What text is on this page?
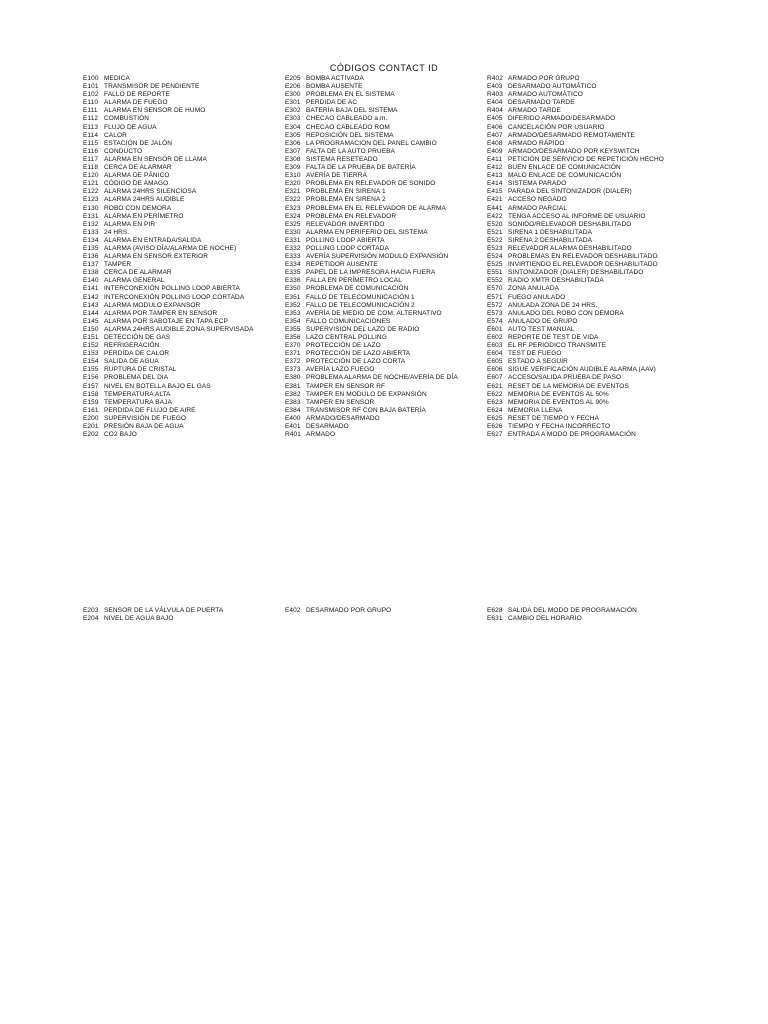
CÓDIGOS CONTACT ID
E100 MEDICA
E101 TRANSMISOR DE PENDIENTE
E102 FALLO DE REPORTE
E110 ALARMA DE FUEGO
E111 ALARMA EN SENSOR DE HUMO
E112 COMBUSTIÓN
E113 FLUJO DE AGUA
E114 CALOR
E115 ESTACIÓN DE JALÓN
E116 CONDUCTO
E117 ALARMA EN SENSOR DE LLAMA
E118 CERCA DE ALARMAR
E120 ALARMA DE PÁNICO
E121 CÓDIGO DE AMAGO
E122 ALARMA 24HRS SILENCIOSA
E123 ALARMA 24HRS AUDIBLE
E130 ROBO CON DEMORA
E131 ALARMA EN PERÍMETRO
E132 ALARMA EN PIR
E133 24 HRS.
E134 ALARMA EN ENTRADA/SALIDA
E135 ALARMA (AVISO DÍA/ALARMA DE NOCHE)
E136 ALARMA EN SENSOR EXTERIOR
E137 TAMPER
E138 CERCA DE ALARMAR
E140 ALARMA GENERAL
E141 INTERCONEXIÓN POLLING LOOP ABIERTA
E142 INTERCONEXIÓN POLLING LOOP CORTADA
E143 ALARMA MODULO EXPANSOR
E144 ALARMA POR TAMPER EN SENSOR
E145 ALARMA POR SABOTAJE EN TAPA ECP
E150 ALARMA 24HRS AUDIBLE ZONA SUPERVISADA
E151 DETECCIÓN DE GAS
E152 REFRIGERACIÓN
E153 PERDIDA DE CALOR
E154 SALIDA DE AGUA
E155 RUPTURA DE CRISTAL
E156 PROBLEMA DEL DIA
E157 NIVEL EN BOTELLA BAJO EL GAS
E158 TEMPERATURA ALTA
E159 TEMPERATURA BAJA
E161 PERDIDA DE FLUJO DE AIRE
E200 SUPERVISIÓN DE FUEGO
E201 PRESIÓN BAJA DE AGUA
E202 CO2 BAJO
E205 BOMBA ACTIVADA
E206 BOMBA AUSENTE
E300 PROBLEMA EN EL SISTEMA
E301 PERDIDA DE AC
E302 BATERÍA BAJA DEL SISTEMA
E303 CHECAO CABLEADO a.m.
E304 CHECAO CABLEADO ROM
E305 REPOSICIÓN DEL SISTEMA
E306 LA PROGRAMACIÓN DEL PANEL CAMBIO
E307 FALTA DE LA AUTO PRUEBA
E308 SISTEMA RESETEADO
E309 FALTA DE LA PRUEBA DE BATERÍA
E310 AVERÍA DE TIERRA
E320 PROBLEMA EN RELEVADOR DE SONIDO
E321 PROBLEMA EN SIRENA 1
E322 PROBLEMA EN SIRENA 2
E323 PROBLEMA EN EL RELEVADOR DE ALARMA
E324 PROBLEMA EN RELEVADOR
E325 RELEVADOR INVERTIDO
E330 ALARMA EN PERIFERIO DEL SISTEMA
E331 POLLING LOOP ABIERTA
E332 POLLING LOOP CORTADA
E333 AVERÍA SUPERVISIÓN MODULO EXPANSIÓN
E334 REPETIDOR AUSENTE
E335 PAPEL DE LA IMPRESORA HACIA FUERA
E336 FALLA EN PERÍMETRO LOCAL
E350 PROBLEMA DE COMUNICACIÓN
E351 FALLO DE TELECOMUNICACIÓN 1
E352 FALLO DE TELECOMUNICACIÓN 2
E353 AVERÍA DE MEDIO DE COM, ALTERNATIVO
E354 FALLO COMUNICACIONES
E355 SUPERVISIÓN DEL LAZO DE RADIO
E356 LAZO CENTRAL POLLING
E370 PROTECCIÓN DE LAZO
E371 PROTECCIÓN DE LAZO ABIERTA
E372 PROTECCIÓN DE LAZO CORTA
E373 AVERÍA LAZO FUEGO
E380 PROBLEMA ALARMA DE NOCHE/AVERÍA DE DÍA
E381 TAMPER EN SENSOR RF
E382 TAMPER EN MODULO DE EXPANSIÓN
E383 TAMPER EN SENSOR
E384 TRANSMISOR RF CON BAJA BATERÍA
E400 ARMADO/DESARMADO
E401 DESARMADO
R401 ARMADO
R402 ARMADO POR GRUPO
E403 DESARMADO AUTOMÁTICO
R403 ARMADO AUTOMÁTICO
E404 DESARMADO TARDE
R404 ARMADO TARDE
E405 DIFERIDO ARMADO/DESARMADO
E406 CANCELACIÓN POR USUARIO
E407 ARMADO/DESARMADO REMOTAMENTE
E408 ARMADO RÁPIDO
E409 ARMADO/DESARMADO POR KEYSWITCH
E411 PETICIÓN DE SERVICIO DE REPETICIÓN HECHO
E412 BUEN ENLACE DE COMUNICACIÓN
E413 MALO ENLACE DE COMUNICACIÓN
E414 SISTEMA PARADO
E415 PARADA DEL SINTONIZADOR (DIALER)
E421 ACCESO NEGADO
E441 ARMADO PARCIAL
E422 TENGA ACCESO AL INFORME DE USUARIO
E520 SONIDO/RELEVADOR DESHABILITADO
E521 SIRENA 1 DESHABILITADA
E522 SIRENA 2 DESHABILITADA
E523 RELEVADOR ALARMA DESHABILITADO
E524 PROBLEMAS EN RELEVADOR DESHABILITADO
E525 INVIRTIENDO EL RELEVADOR DESHABILITADO
E551 SINTONIZADOR (DIALER) DESHABILITADO
E552 RADIO XMTR DESHABILITADA
E570 ZONA ANULADA
E571 FUEGO ANULADO
E572 ANULADA ZONA DE 24 HRS.
E573 ANULADO DEL ROBO CON DEMORA
E574 ANULADO DE GRUPO
E601 AUTO TEST MANUAL
E602 REPORTE DE TEST DE VIDA
E603 EL RF PERIODICO TRANSMITE
E604 TEST DE FUEGO
E605 ESTADO A SEGUIR
E606 SIGUE VERIFICACIÓN AUDIBLE ALARMA (AAV)
E607 ACCESO/SALIDA PRUEBA DE PASO
E621 RESET DE LA MEMORIA DE EVENTOS
E622 MEMORIA DE EVENTOS AL 50%
E623 MEMORIA DE EVENTOS AL 90%
E624 MEMORIA LLENA
E625 RESET DE TIEMPO Y FECHA
E626 TIEMPO Y FECHA INCORRECTO
E627 ENTRADA A MODO DE PROGRAMACIÓN
E203 SENSOR DE LA VÁLVULA DE PUERTA
E204 NIVEL DE AGUA BAJO
E402 DESARMADO POR GRUPO	E628 SALIDA DEL MODO DE PROGRAMACIÓN
E631 CAMBIO DEL HORARIO
